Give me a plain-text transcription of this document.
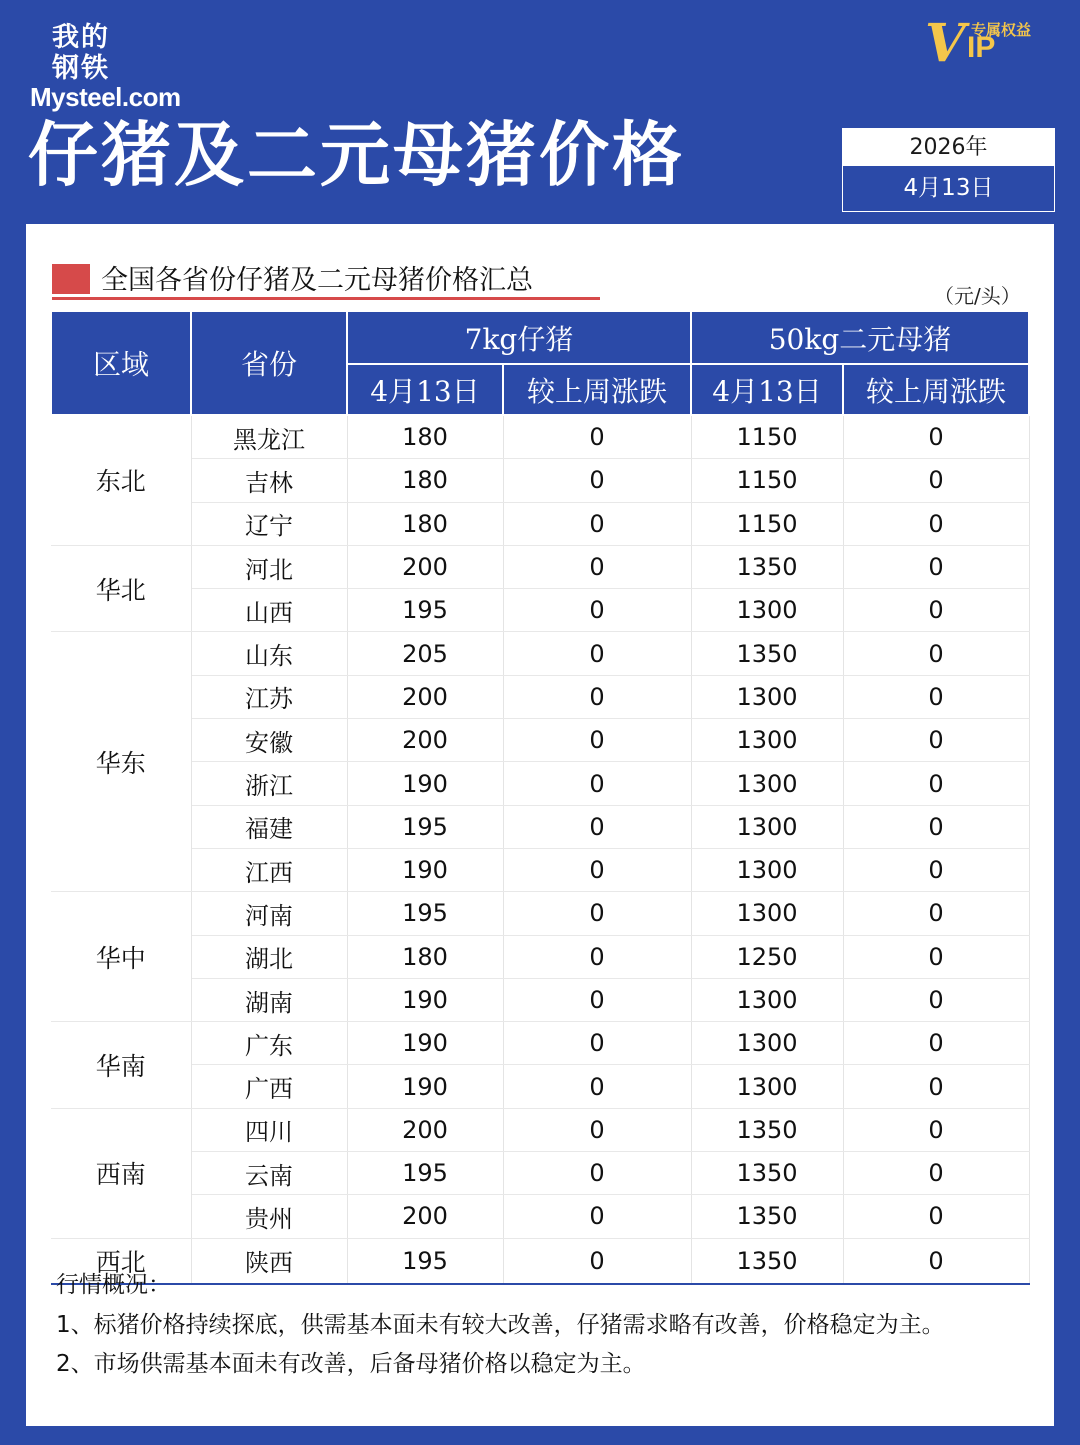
我的钢铁
Mysteel.com
V 专属权益
IP
仔猪及二元母猪价格	2026年
4月13日
全国各省份仔猪及二元母猪价格汇总	（元/头）
区域	省份	7kg仔猪		50kg二元母猪	
		4月13日	较上周涨跌	4月13日	较上周涨跌
东北	黑龙江	180	0	1150	0
	吉林	180	0	1150	0
	辽宁	180	0	1150	0
华北	河北	200	0	1350	0
	山西	195	0	1300	0
华东	山东	205	0	1350	0
	江苏	200	0	1300	0
	安徽	200	0	1300	0
	浙江	190	0	1300	0
	福建	195	0	1300	0
	江西	190	0	1300	0
华中	河南	195	0	1300	0
	湖北	180	0	1250	0
	湖南	190	0	1300	0
华南	广东	190	0	1300	0
	广西	190	0	1300	0
西南	四川	200	0	1350	0
	云南	195	0	1350	0
	贵州	200	0	1350	0
西北	陕西	195	0	1350	0

行情概况：

1、标猪价格持续探底，供需基本面未有较大改善，仔猪需求略有改善，价格稳定为主。

2、市场供需基本面未有改善，后备母猪价格以稳定为主。
